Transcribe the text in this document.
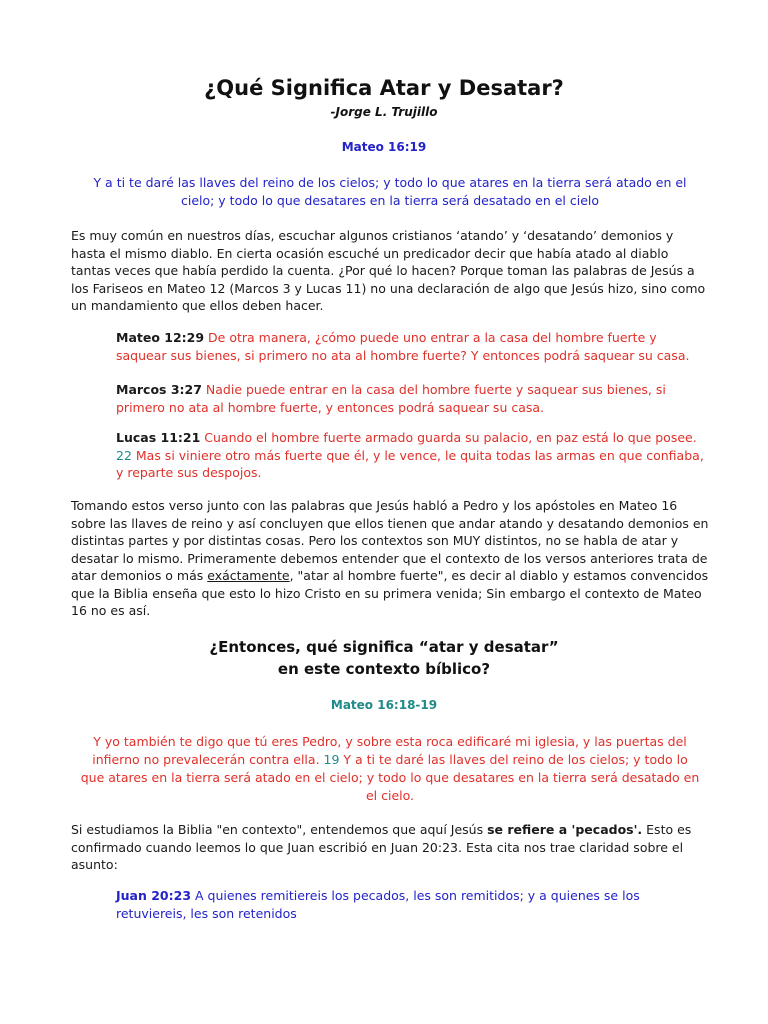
¿Qué Significa Atar y Desatar?
-Jorge L. Trujillo
Mateo 16:19
Y a ti te daré las llaves del reino de los cielos; y todo lo que atares en la tierra será atado en el cielo; y todo lo que desatares en la tierra será desatado en el cielo
Es muy común en nuestros días, escuchar algunos cristianos ‘atando’ y ‘desatando’ demonios y hasta el mismo diablo. En cierta ocasión escuché un predicador decir que había atado al diablo tantas veces que había perdido la cuenta. ¿Por qué lo hacen? Porque toman las palabras de Jesús a los Fariseos en Mateo 12 (Marcos 3 y Lucas 11) no una declaración de algo que Jesús hizo, sino como un mandamiento que ellos deben hacer.
Mateo 12:29 De otra manera, ¿cómo puede uno entrar a la casa del hombre fuerte y saquear sus bienes, si primero no ata al hombre fuerte? Y entonces podrá saquear su casa.
Marcos 3:27 Nadie puede entrar en la casa del hombre fuerte y saquear sus bienes, si primero no ata al hombre fuerte, y entonces podrá saquear su casa.
Lucas 11:21 Cuando el hombre fuerte armado guarda su palacio, en paz está lo que posee. 22 Mas si viniere otro más fuerte que él, y le vence, le quita todas las armas en que confiaba, y reparte sus despojos.
Tomando estos verso junto con las palabras que Jesús habló a Pedro y los apóstoles en Mateo 16 sobre las llaves de reino y así concluyen que ellos tienen que andar atando y desatando demonios en distintas partes y por distintas cosas. Pero los contextos son MUY distintos, no se habla de atar y desatar lo mismo. Primeramente debemos entender que el contexto de los versos anteriores trata de atar demonios o más exáctamente, "atar al hombre fuerte", es decir al diablo y estamos convencidos que la Biblia enseña que esto lo hizo Cristo en su primera venida; Sin embargo el contexto de Mateo 16 no es así.
¿Entonces, qué significa “atar y desatar”
en este contexto bíblico?
Mateo 16:18-19
Y yo también te digo que tú eres Pedro, y sobre esta roca edificaré mi iglesia, y las puertas del infierno no prevalecerán contra ella. 19 Y a ti te daré las llaves del reino de los cielos; y todo lo que atares en la tierra será atado en el cielo; y todo lo que desatares en la tierra será desatado en el cielo.
Si estudiamos la Biblia "en contexto", entendemos que aquí Jesús se refiere a 'pecados'. Esto es confirmado cuando leemos lo que Juan escribió en Juan 20:23. Esta cita nos trae claridad sobre el asunto:
Juan 20:23 A quienes remitiereis los pecados, les son remitidos; y a quienes se los retuviereis, les son retenidos
